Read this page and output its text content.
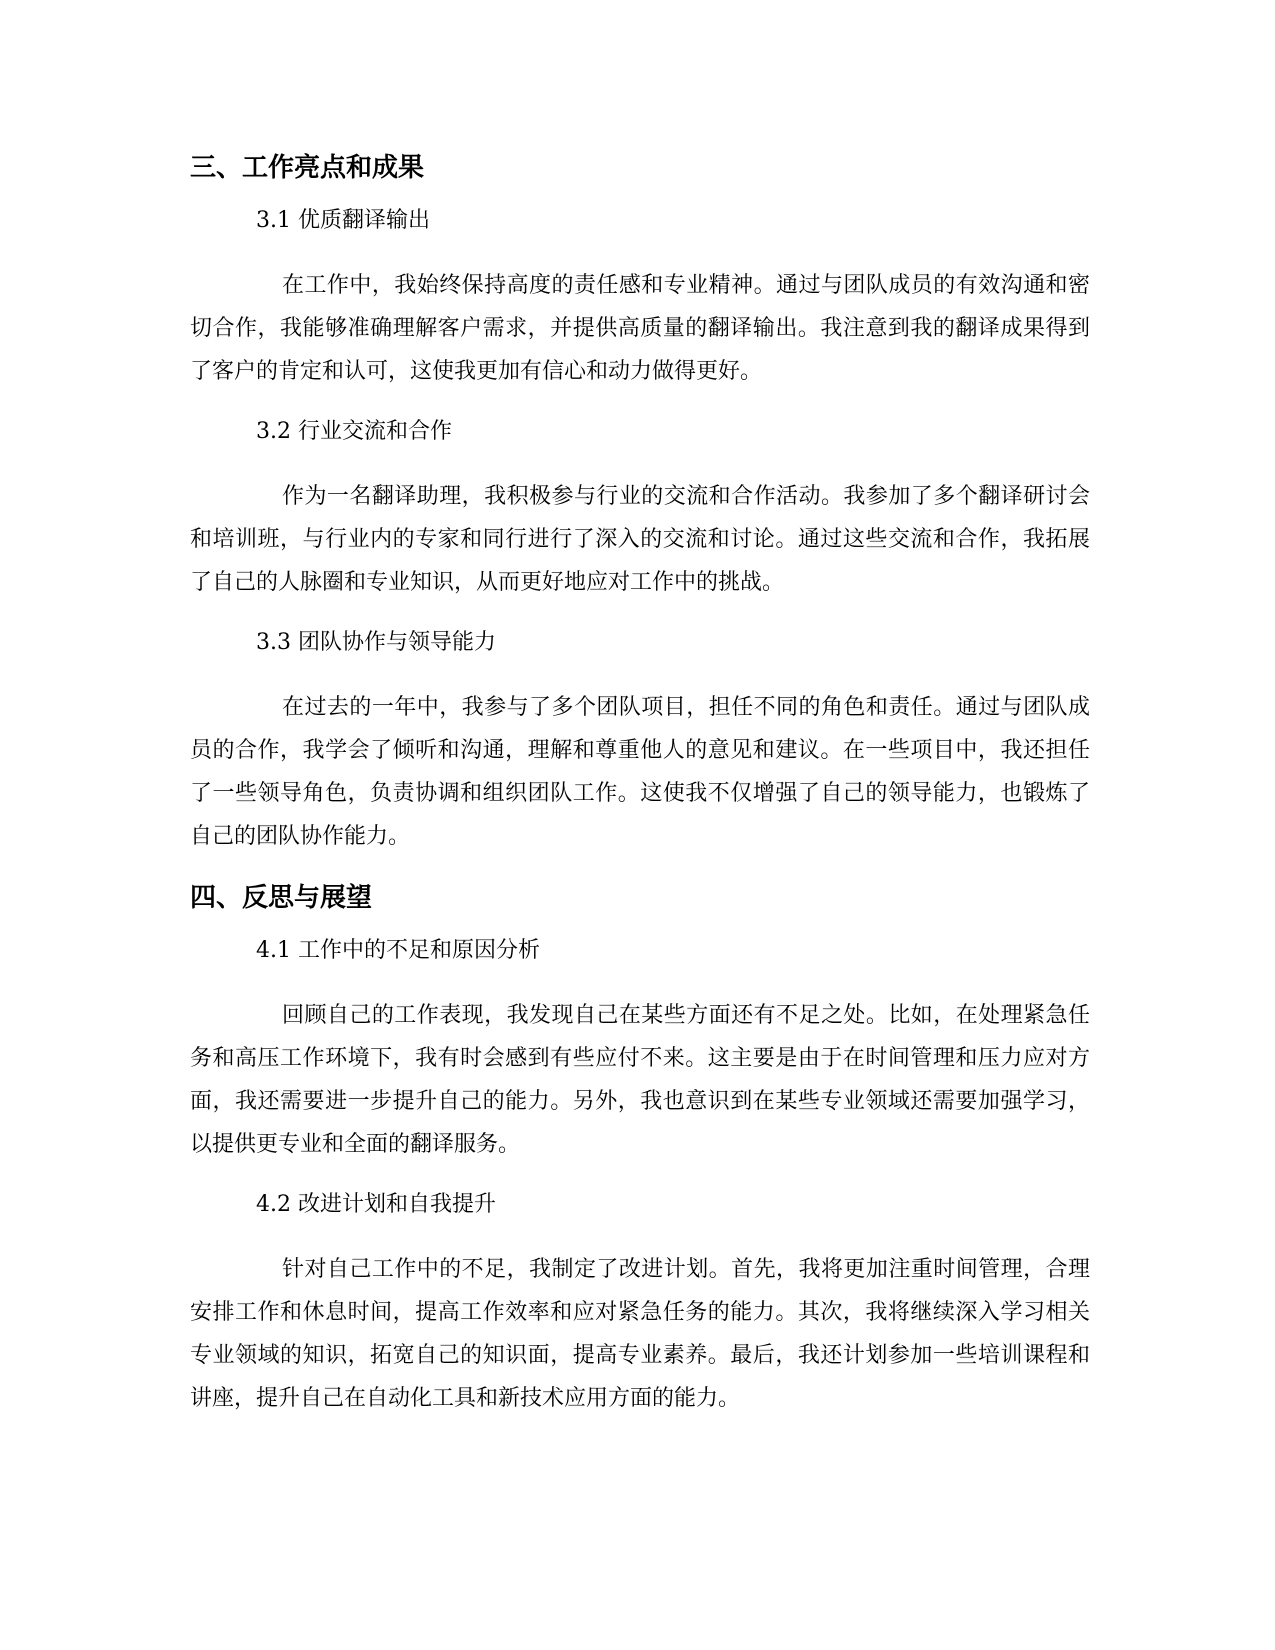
三、工作亮点和成果

3.1 优质翻译输出

在工作中，我始终保持高度的责任感和专业精神。通过与团队成员的有效沟通和密切合作，我能够准确理解客户需求，并提供高质量的翻译输出。我注意到我的翻译成果得到了客户的肯定和认可，这使我更加有信心和动力做得更好。

3.2 行业交流和合作

作为一名翻译助理，我积极参与行业的交流和合作活动。我参加了多个翻译研讨会和培训班，与行业内的专家和同行进行了深入的交流和讨论。通过这些交流和合作，我拓展了自己的人脉圈和专业知识，从而更好地应对工作中的挑战。

3.3 团队协作与领导能力

在过去的一年中，我参与了多个团队项目，担任不同的角色和责任。通过与团队成员的合作，我学会了倾听和沟通，理解和尊重他人的意见和建议。在一些项目中，我还担任了一些领导角色，负责协调和组织团队工作。这使我不仅增强了自己的领导能力，也锻炼了自己的团队协作能力。

四、反思与展望

4.1 工作中的不足和原因分析

回顾自己的工作表现，我发现自己在某些方面还有不足之处。比如，在处理紧急任务和高压工作环境下，我有时会感到有些应付不来。这主要是由于在时间管理和压力应对方面，我还需要进一步提升自己的能力。另外，我也意识到在某些专业领域还需要加强学习，以提供更专业和全面的翻译服务。

4.2 改进计划和自我提升

针对自己工作中的不足，我制定了改进计划。首先，我将更加注重时间管理，合理安排工作和休息时间，提高工作效率和应对紧急任务的能力。其次，我将继续深入学习相关专业领域的知识，拓宽自己的知识面，提高专业素养。最后，我还计划参加一些培训课程和讲座，提升自己在自动化工具和新技术应用方面的能力。
